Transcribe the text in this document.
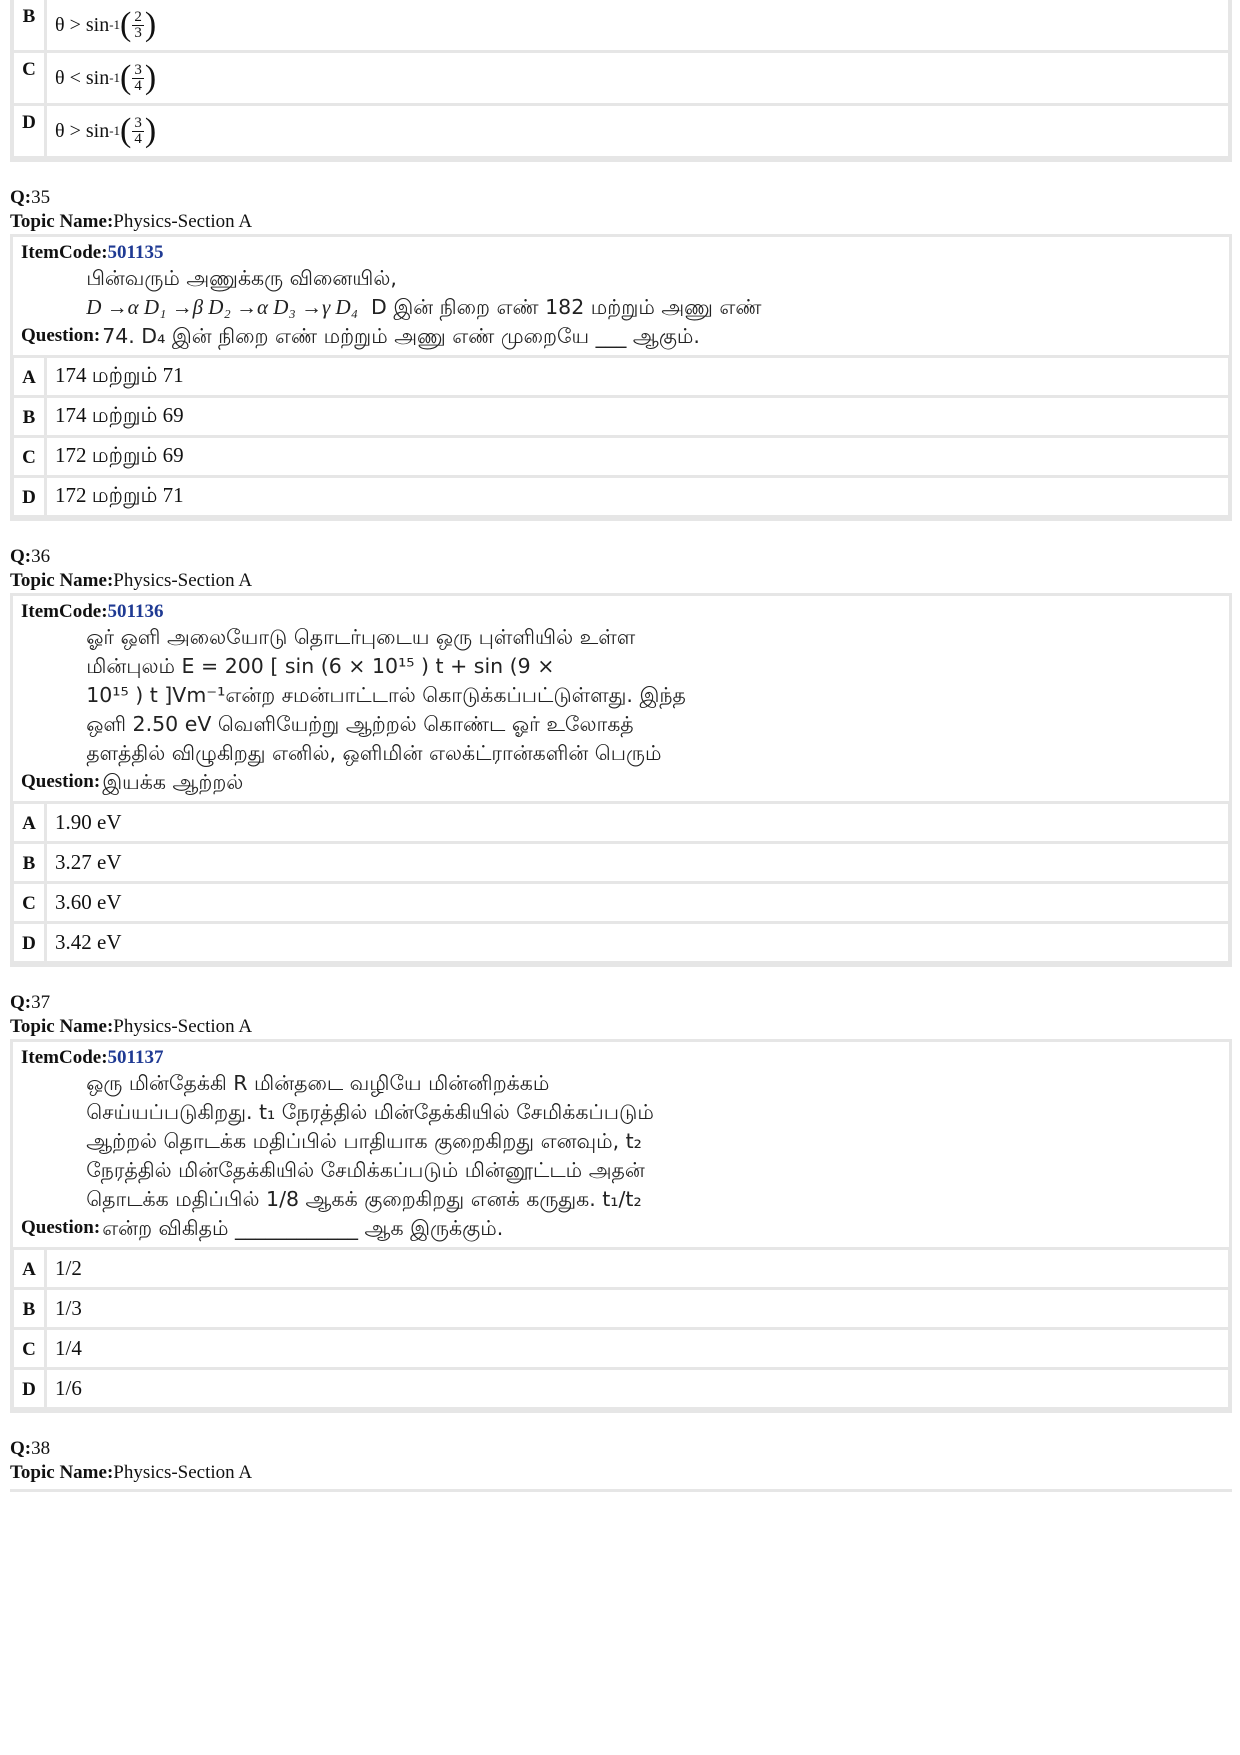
B θ > sin -1 ( $\frac{2}{3}$ )
C θ < sin -1 ( $\frac{3}{4}$ )
D θ > sin -1 ( $\frac{3}{4}$ )
Q:35
Topic Name:Physics-Section A
ItemCode:501135
Question:
பின்வரும் அணுக்கரு வினையில்,
D →α D₁ →β D₂ →α D₃ →γ D₄ D இன் நிறை எண் 182 மற்றும் அணு எண்
74. D₄ இன் நிறை எண் மற்றும் அணு எண் முறையே ___ ஆகும்.
A 174 மற்றும் 71
B 174 மற்றும் 69
C 172 மற்றும் 69
D 172 மற்றும் 71
Q:36
Topic Name:Physics-Section A
ItemCode:501136
Question:
ஓர் ஒளி அலையோடு தொடர்புடைய ஒரு புள்ளியில் உள்ள
மின்புலம் E = 200 [ sin (6 × 10¹⁵ ) t + sin (9 ×
10¹⁵ ) t ]Vm⁻¹என்ற சமன்பாட்டால் கொடுக்கப்பட்டுள்ளது. இந்த
ஒளி 2.50 eV வெளியேற்று ஆற்றல் கொண்ட ஓர் உலோகத்
தளத்தில் விழுகிறது எனில், ஒளிமின் எலக்ட்ரான்களின் பெரும்
இயக்க ஆற்றல்
A 1.90 eV
B 3.27 eV
C 3.60 eV
D 3.42 eV
Q:37
Topic Name:Physics-Section A
ItemCode:501137
Question:
ஒரு மின்தேக்கி R மின்தடை வழியே மின்னிறக்கம்
செய்யப்படுகிறது. t₁ நேரத்தில் மின்தேக்கியில் சேமிக்கப்படும்
ஆற்றல் தொடக்க மதிப்பில் பாதியாக குறைகிறது எனவும், t₂
நேரத்தில் மின்தேக்கியில் சேமிக்கப்படும் மின்னூட்டம் அதன்
தொடக்க மதிப்பில் 1/8 ஆகக் குறைகிறது எனக் கருதுக. t₁/t₂
என்ற விகிதம் ____________ ஆக இருக்கும்.
A 1/2
B 1/3
C 1/4
D 1/6
Q:38
Topic Name:Physics-Section A
